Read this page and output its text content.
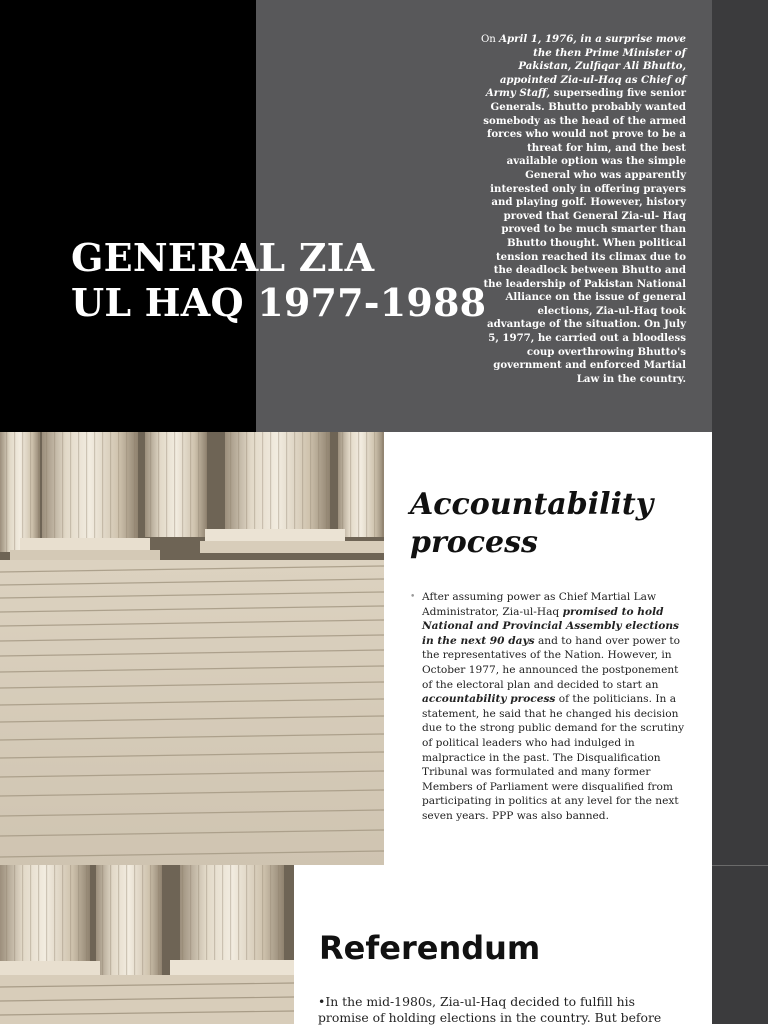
GENERAL ZIA
UL HAQ 1977-1988

On April 1, 1976, in a surprise move the then Prime Minister of Pakistan, Zulfiqar Ali Bhutto, appointed Zia-ul-Haq as Chief of Army Staff, superseding five senior Generals. Bhutto probably wanted somebody as the head of the armed forces who would not prove to be a threat for him, and the best available option was the simple General who was apparently interested only in offering prayers and playing golf. However, history proved that General Zia-ul- Haq proved to be much smarter than Bhutto thought. When political tension reached its climax due to the deadlock between Bhutto and the leadership of Pakistan National Alliance on the issue of general elections, Zia-ul-Haq took advantage of the situation. On July 5, 1977, he carried out a bloodless coup overthrowing Bhutto's government and enforced Martial Law in the country.

Accountability
process
• After assuming power as Chief Martial Law Administrator, Zia-ul-Haq promised to hold National and Provincial Assembly elections in the next 90 days and to hand over power to the representatives of the Nation. However, in October 1977, he announced the postponement of the electoral plan and decided to start an accountability process of the politicians. In a statement, he said that he changed his decision due to the strong public demand for the scrutiny of political leaders who had indulged in malpractice in the past. The Disqualification Tribunal was formulated and many former Members of Parliament were disqualified from participating in politics at any level for the next seven years. PPP was also banned.
Referendum
•In the mid-1980s, Zia-ul-Haq decided to fulfill his promise of holding elections in the country. But before
